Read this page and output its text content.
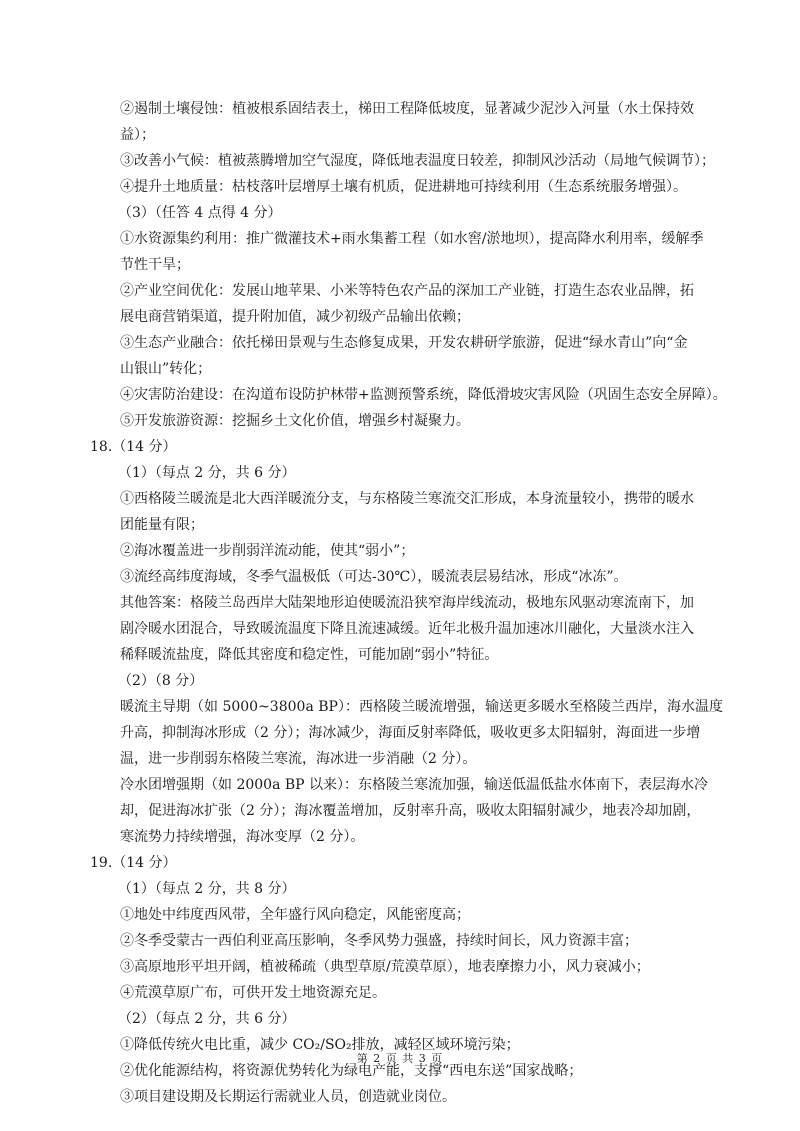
②遏制土壤侵蚀：植被根系固结表土，梯田工程降低坡度，显著减少泥沙入河量（水土保持效

益）；

③改善小气候：植被蒸腾增加空气湿度，降低地表温度日较差，抑制风沙活动（局地气候调节）；

④提升土地质量：枯枝落叶层增厚土壤有机质，促进耕地可持续利用（生态系统服务增强）。

（3）（任答 4 点得 4 分）

①水资源集约利用：推广微灌技术+雨水集蓄工程（如水窖/淤地坝），提高降水利用率，缓解季

节性干旱；

②产业空间优化：发展山地苹果、小米等特色农产品的深加工产业链，打造生态农业品牌，拓

展电商营销渠道，提升附加值，减少初级产品输出依赖；

③生态产业融合：依托梯田景观与生态修复成果，开发农耕研学旅游，促进“绿水青山”向“金

山银山”转化；

④灾害防治建设：在沟道布设防护林带+监测预警系统，降低滑坡灾害风险（巩固生态安全屏障）。

⑤开发旅游资源：挖掘乡土文化价值，增强乡村凝聚力。

18.（14 分）

（1）（每点 2 分，共 6 分）

①西格陵兰暖流是北大西洋暖流分支，与东格陵兰寒流交汇形成，本身流量较小，携带的暖水

团能量有限；

②海冰覆盖进一步削弱洋流动能，使其“弱小”；

③流经高纬度海域，冬季气温极低（可达-30℃），暖流表层易结冰，形成“冰冻”。

其他答案：格陵兰岛西岸大陆架地形迫使暖流沿狭窄海岸线流动，极地东风驱动寒流南下，加

剧冷暖水团混合，导致暖流温度下降且流速减缓。近年北极升温加速冰川融化，大量淡水注入

稀释暖流盐度，降低其密度和稳定性，可能加剧“弱小”特征。

（2）（8 分）

暖流主导期（如 5000~3800a BP）：西格陵兰暖流增强，输送更多暖水至格陵兰西岸，海水温度

升高，抑制海冰形成（2 分）；海冰减少，海面反射率降低，吸收更多太阳辐射，海面进一步增

温，进一步削弱东格陵兰寒流，海冰进一步消融（2 分）。

冷水团增强期（如 2000a BP 以来）：东格陵兰寒流加强，输送低温低盐水体南下，表层海水冷

却，促进海冰扩张（2 分）；海冰覆盖增加，反射率升高，吸收太阳辐射减少，地表冷却加剧，

寒流势力持续增强，海冰变厚（2 分）。

19.（14 分）

（1）（每点 2 分，共 8 分）

①地处中纬度西风带，全年盛行风向稳定，风能密度高；

②冬季受蒙古一西伯利亚高压影响，冬季风势力强盛，持续时间长，风力资源丰富；

③高原地形平坦开阔，植被稀疏（典型草原/荒漠草原），地表摩擦力小，风力衰减小；

④荒漠草原广布，可供开发土地资源充足。

（2）（每点 2 分，共 6 分）

①降低传统火电比重，减少 CO₂/SO₂排放，减轻区域环境污染；

②优化能源结构，将资源优势转化为绿电产能，支撑“西电东送”国家战略；

③项目建设期及长期运行需就业人员，创造就业岗位。

第 2 页 共 3 页
